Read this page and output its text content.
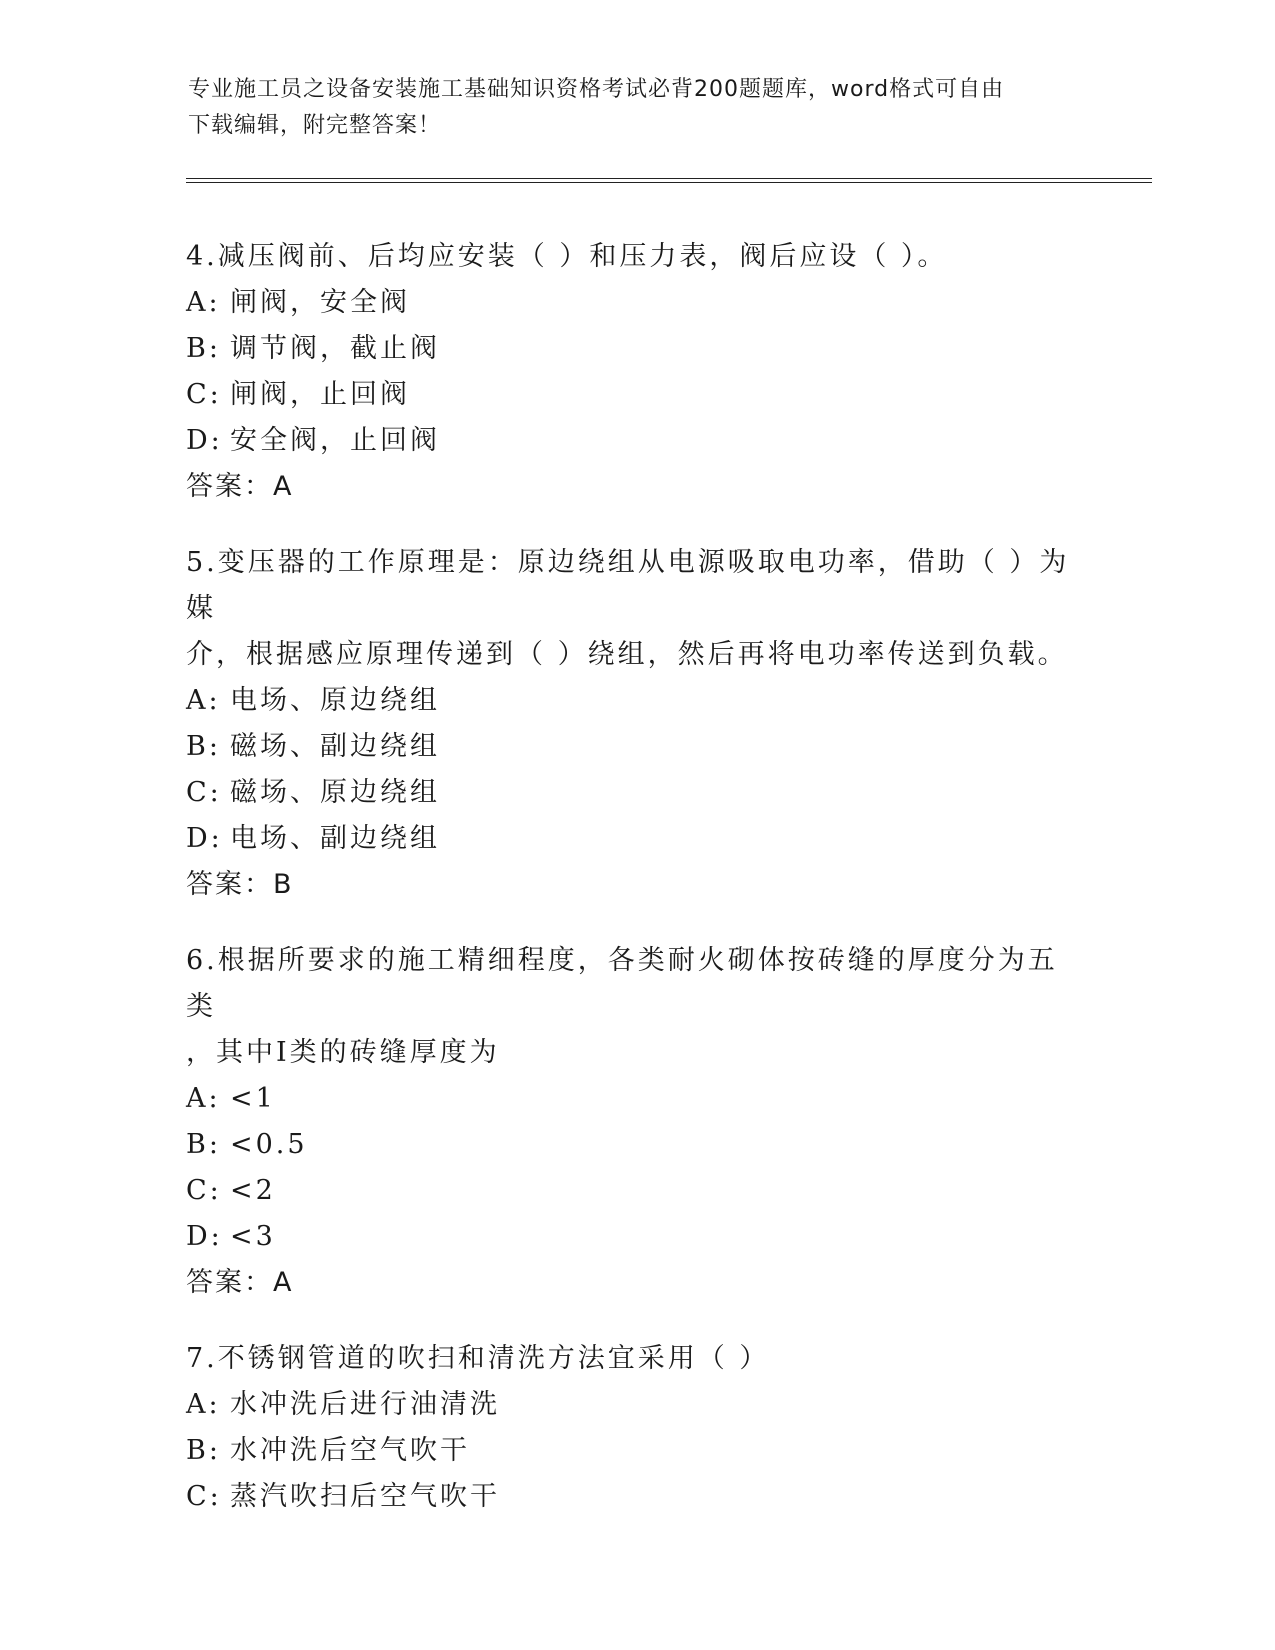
专业施工员之设备安装施工基础知识资格考试必背200题题库，word格式可自由
下载编辑，附完整答案！
4.减压阀前、后均应安装（ ）和压力表，阀后应设（ ）。
A: 闸阀，安全阀
B: 调节阀，截止阀
C: 闸阀，止回阀
D: 安全阀，止回阀
答案：A
5.变压器的工作原理是：原边绕组从电源吸取电功率，借助（ ）为媒
介，根据感应原理传递到（ ）绕组，然后再将电功率传送到负载。
A: 电场、原边绕组
B: 磁场、副边绕组
C: 磁场、原边绕组
D: 电场、副边绕组
答案：B
6.根据所要求的施工精细程度，各类耐火砌体按砖缝的厚度分为五类
，其中Ⅰ类的砖缝厚度为
A: <1
B: <0.5
C: <2
D: <3
答案：A
7.不锈钢管道的吹扫和清洗方法宜采用（ ）
A: 水冲洗后进行油清洗
B: 水冲洗后空气吹干
C: 蒸汽吹扫后空气吹干
